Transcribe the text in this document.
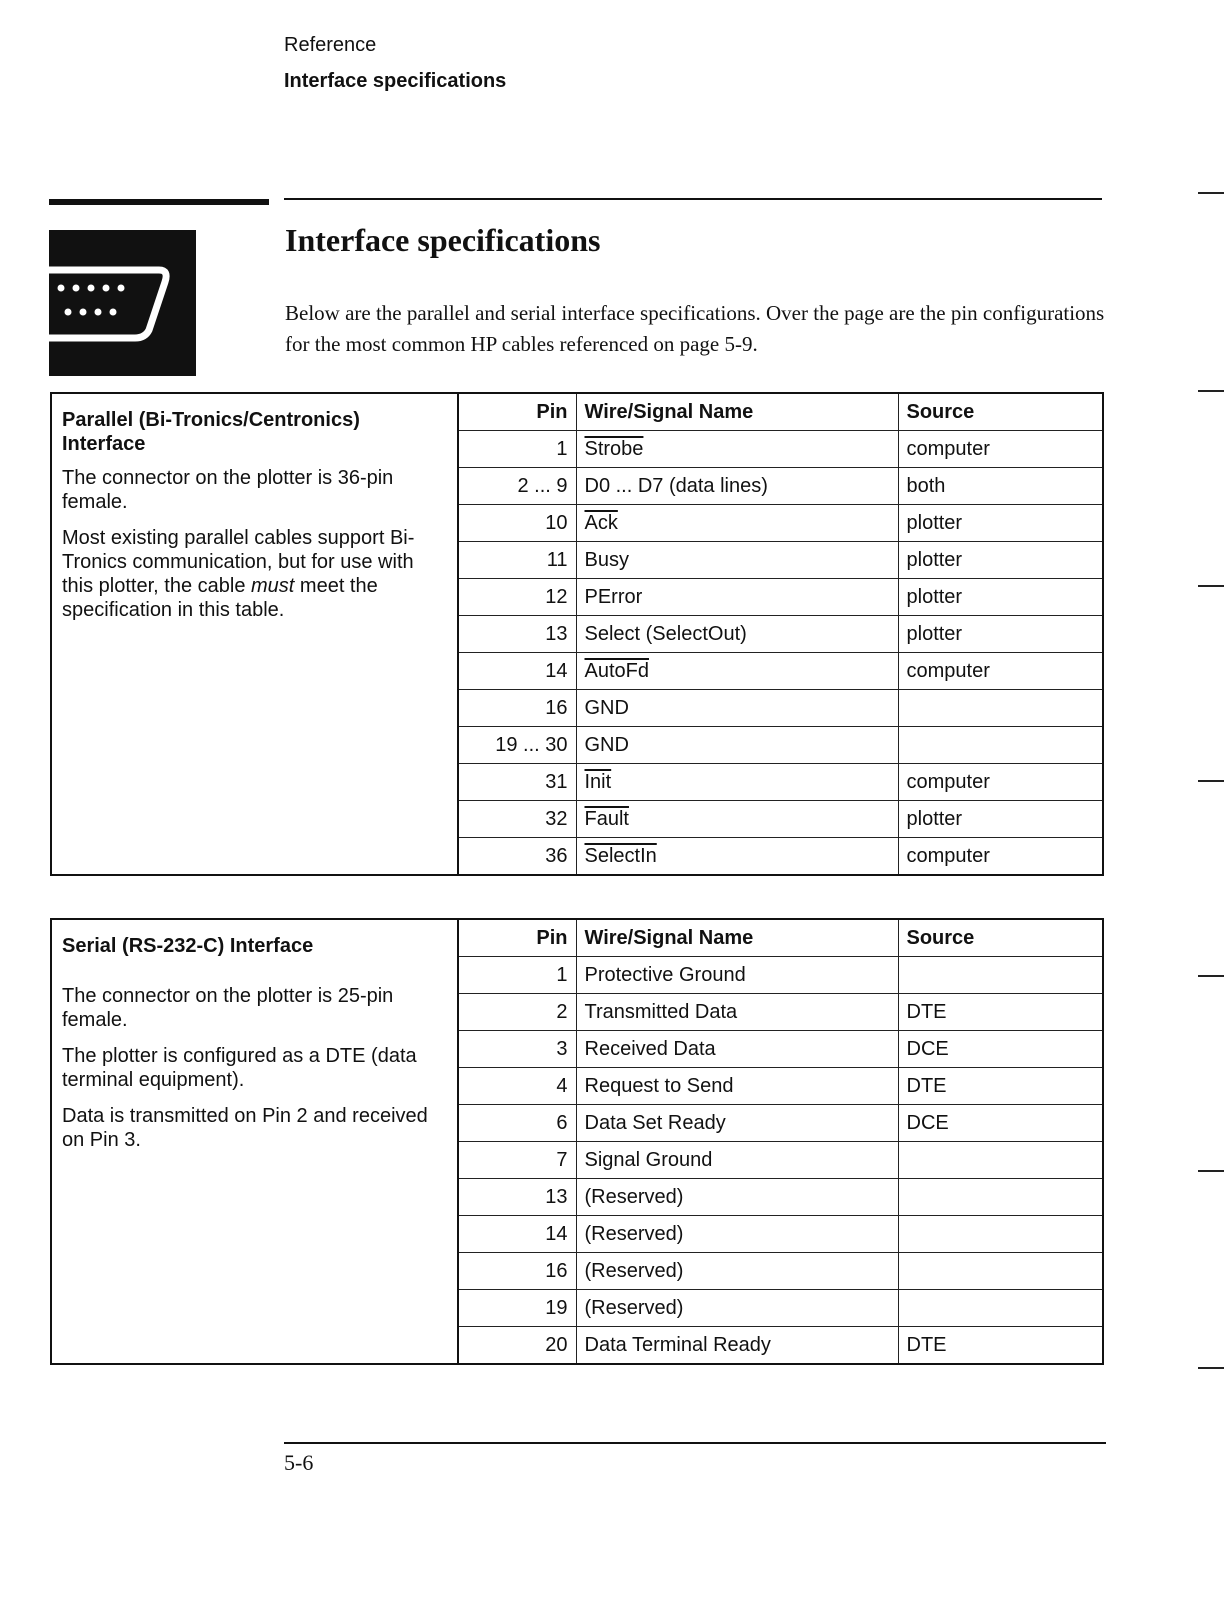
Reference
Interface specifications
Interface specifications
Below are the parallel and serial interface specifications. Over the page are the pin configurations for the most common HP cables referenced on page 5-9.
Parallel (Bi-Tronics/Centronics) Interface
The connector on the plotter is 36-pin female.
Most existing parallel cables support Bi-Tronics communication, but for use with this plotter, the cable must meet the specification in this table.	Pin	Wire/Signal Name	Source
	1	Strobe	computer
	2 ... 9	D0 ... D7 (data lines)	both
	10	$\overline{Ack}$	plotter
	11	Busy	plotter
	12	PError	plotter
	13	Select (SelectOut)	plotter
	14	AutoFd	computer
	16	GND	
	19 ... 30	GND	
	31	Init	computer
	32	Fault	plotter
	36	SelectIn	computer
Serial (RS-232-C) Interface
The connector on the plotter is 25-pin female.
The plotter is configured as a DTE (data terminal equipment).
Data is transmitted on Pin 2 and received on Pin 3.	Pin	Wire/Signal Name	Source
	1	Protective Ground	
	2	Transmitted Data	DTE
	3	Received Data	DCE
	4	Request to Send	DTE
	6	Data Set Ready	DCE
	7	Signal Ground	
	13	(Reserved)	
	14	(Reserved)	
	16	(Reserved)	
	19	(Reserved)	
	20	Data Terminal Ready	DTE
5-6
